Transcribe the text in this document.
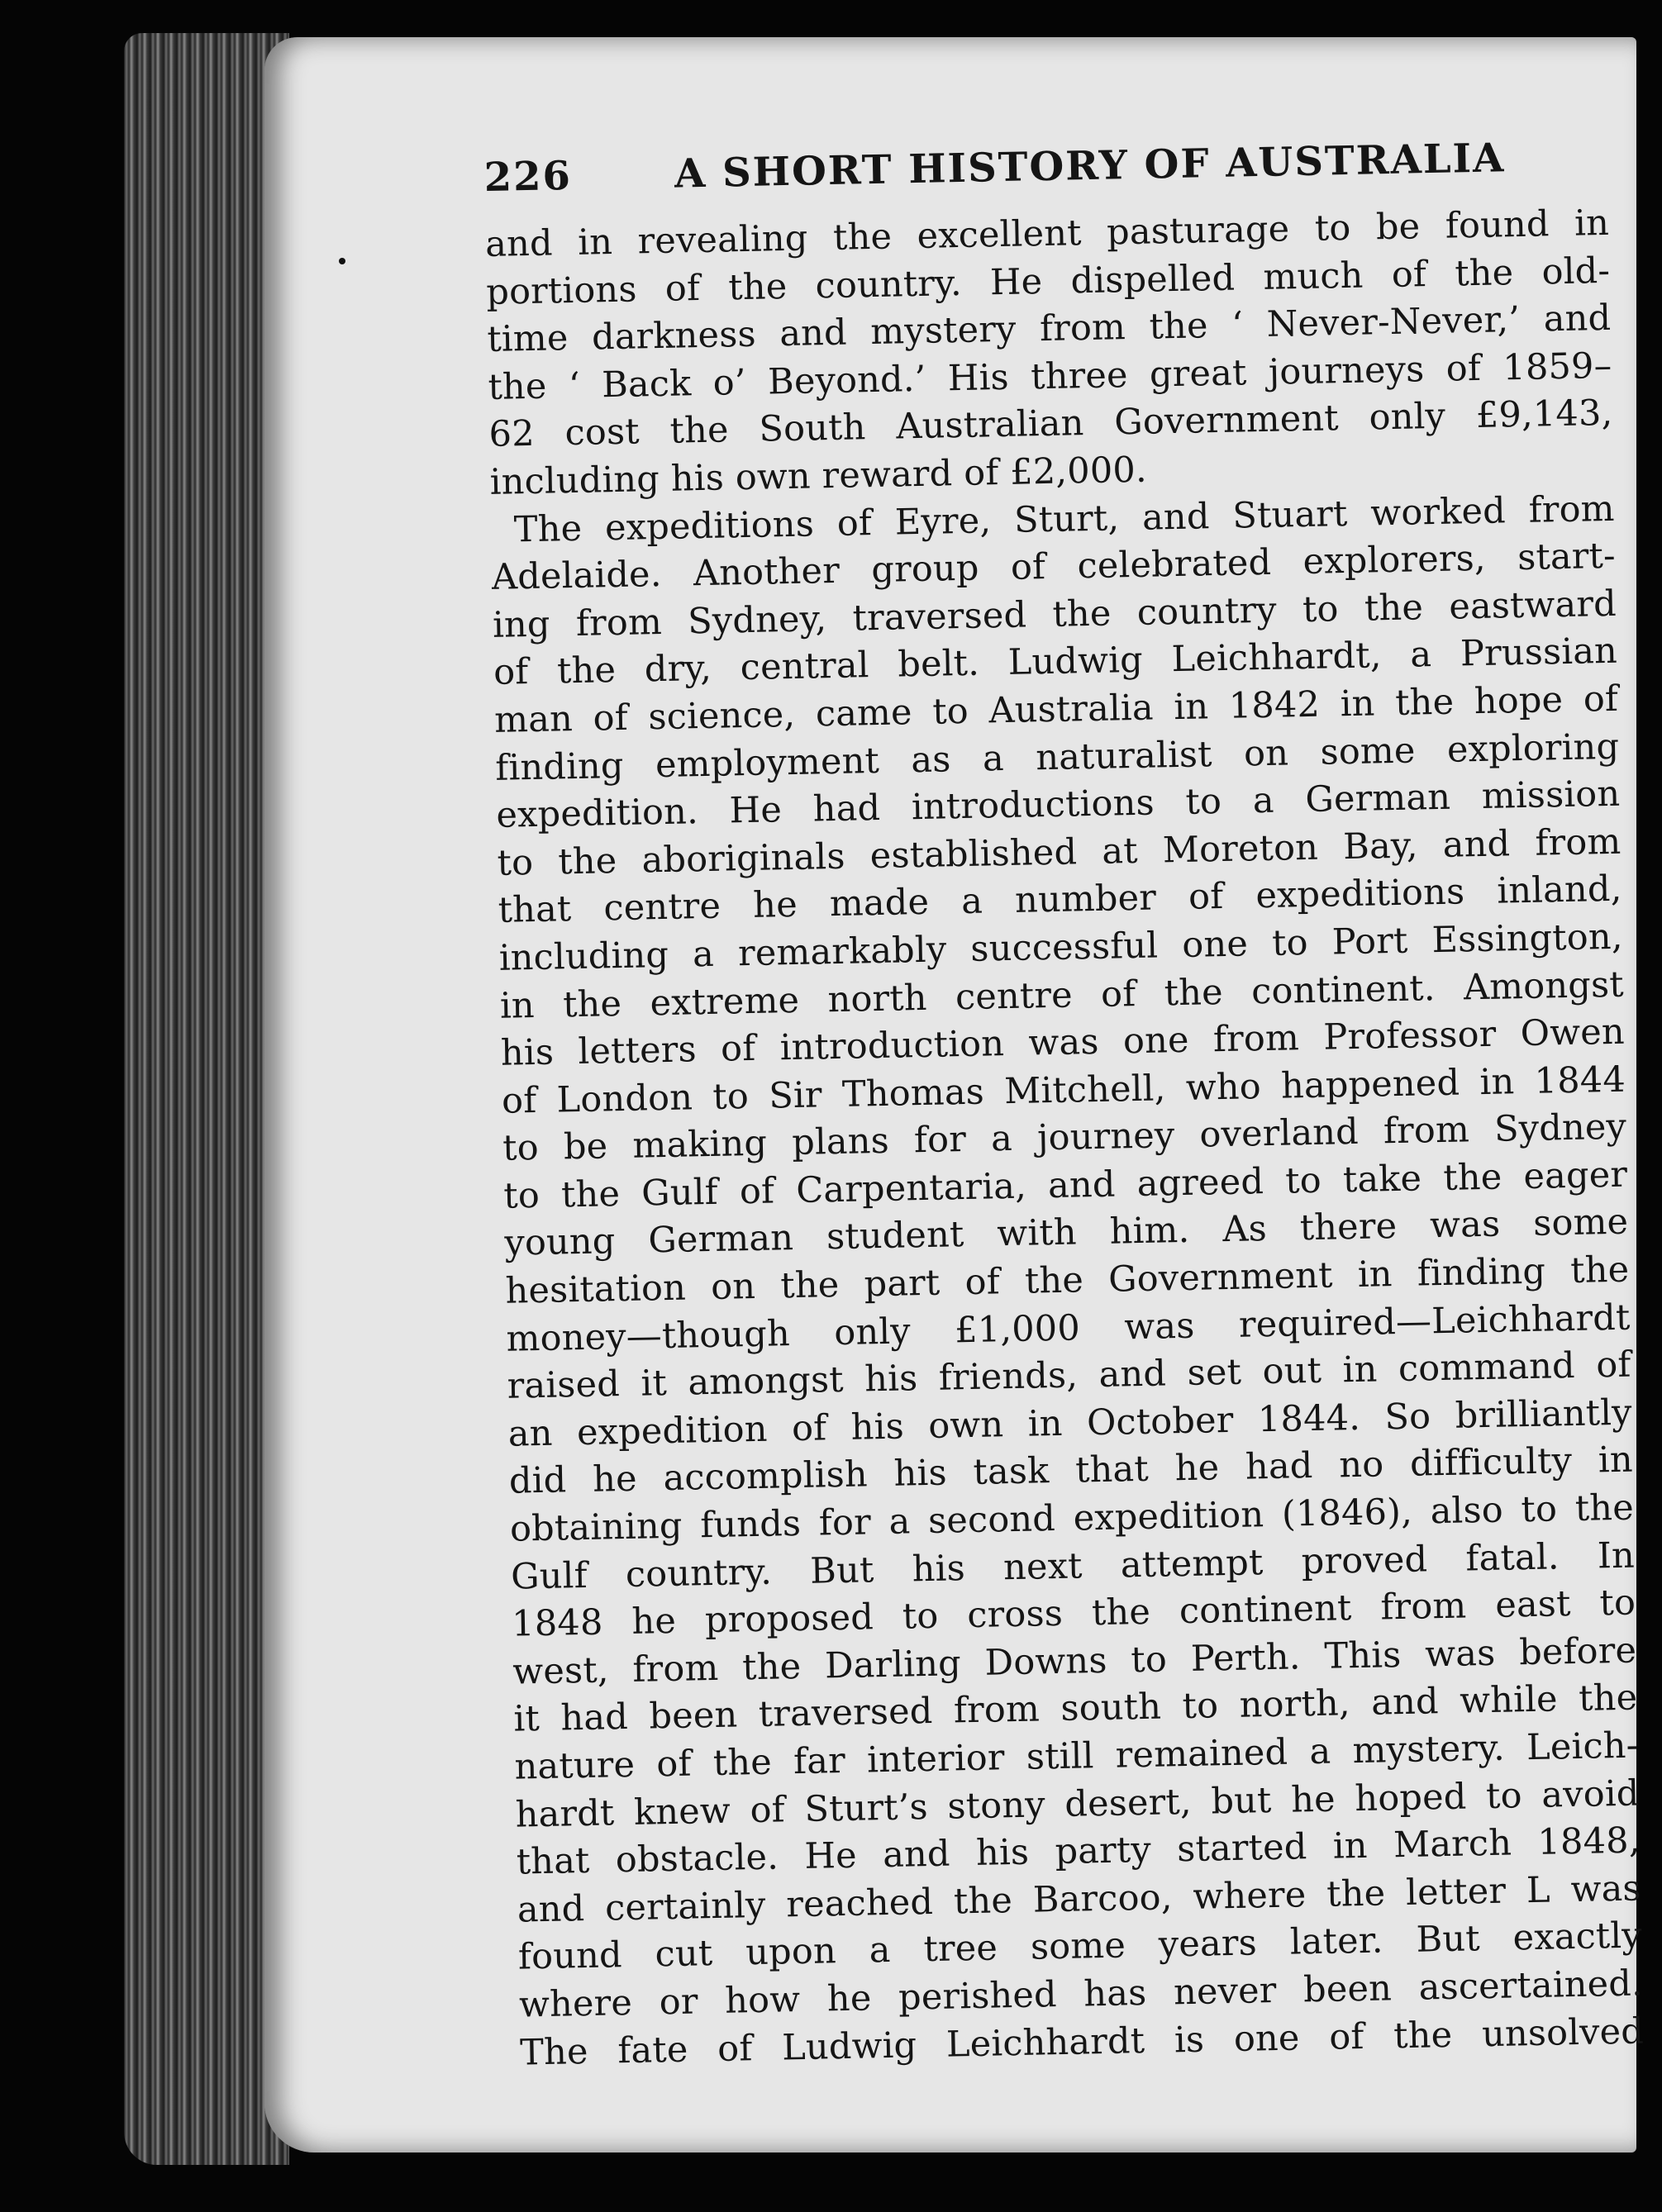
226	A SHORT HISTORY OF AUSTRALIA
and in revealing the excellent pasturage to be found in
portions of the country. He dispelled much of the old-
time darkness and mystery from the ‘ Never-Never,’ and
the ‘ Back o’ Beyond.’ His three great journeys of 1859–
62 cost the South Australian Government only £9,143,
including his own reward of £2,000.
The expeditions of Eyre, Sturt, and Stuart worked from
Adelaide. Another group of celebrated explorers, start-
ing from Sydney, traversed the country to the eastward
of the dry, central belt. Ludwig Leichhardt, a Prussian
man of science, came to Australia in 1842 in the hope of
finding employment as a naturalist on some exploring
expedition. He had introductions to a German mission
to the aboriginals established at Moreton Bay, and from
that centre he made a number of expeditions inland,
including a remarkably successful one to Port Essington,
in the extreme north centre of the continent. Amongst
his letters of introduction was one from Professor Owen
of London to Sir Thomas Mitchell, who happened in 1844
to be making plans for a journey overland from Sydney
to the Gulf of Carpentaria, and agreed to take the eager
young German student with him. As there was some
hesitation on the part of the Government in finding the
money—though only £1,000 was required—Leichhardt
raised it amongst his friends, and set out in command of
an expedition of his own in October 1844. So brilliantly
did he accomplish his task that he had no difficulty in
obtaining funds for a second expedition (1846), also to the
Gulf country. But his next attempt proved fatal. In
1848 he proposed to cross the continent from east to
west, from the Darling Downs to Perth. This was before
it had been traversed from south to north, and while the
nature of the far interior still remained a mystery. Leich-
hardt knew of Sturt’s stony desert, but he hoped to avoid
that obstacle. He and his party started in March 1848,
and certainly reached the Barcoo, where the letter L was
found cut upon a tree some years later. But exactly
where or how he perished has never been ascertained.
The fate of Ludwig Leichhardt is one of the unsolved
